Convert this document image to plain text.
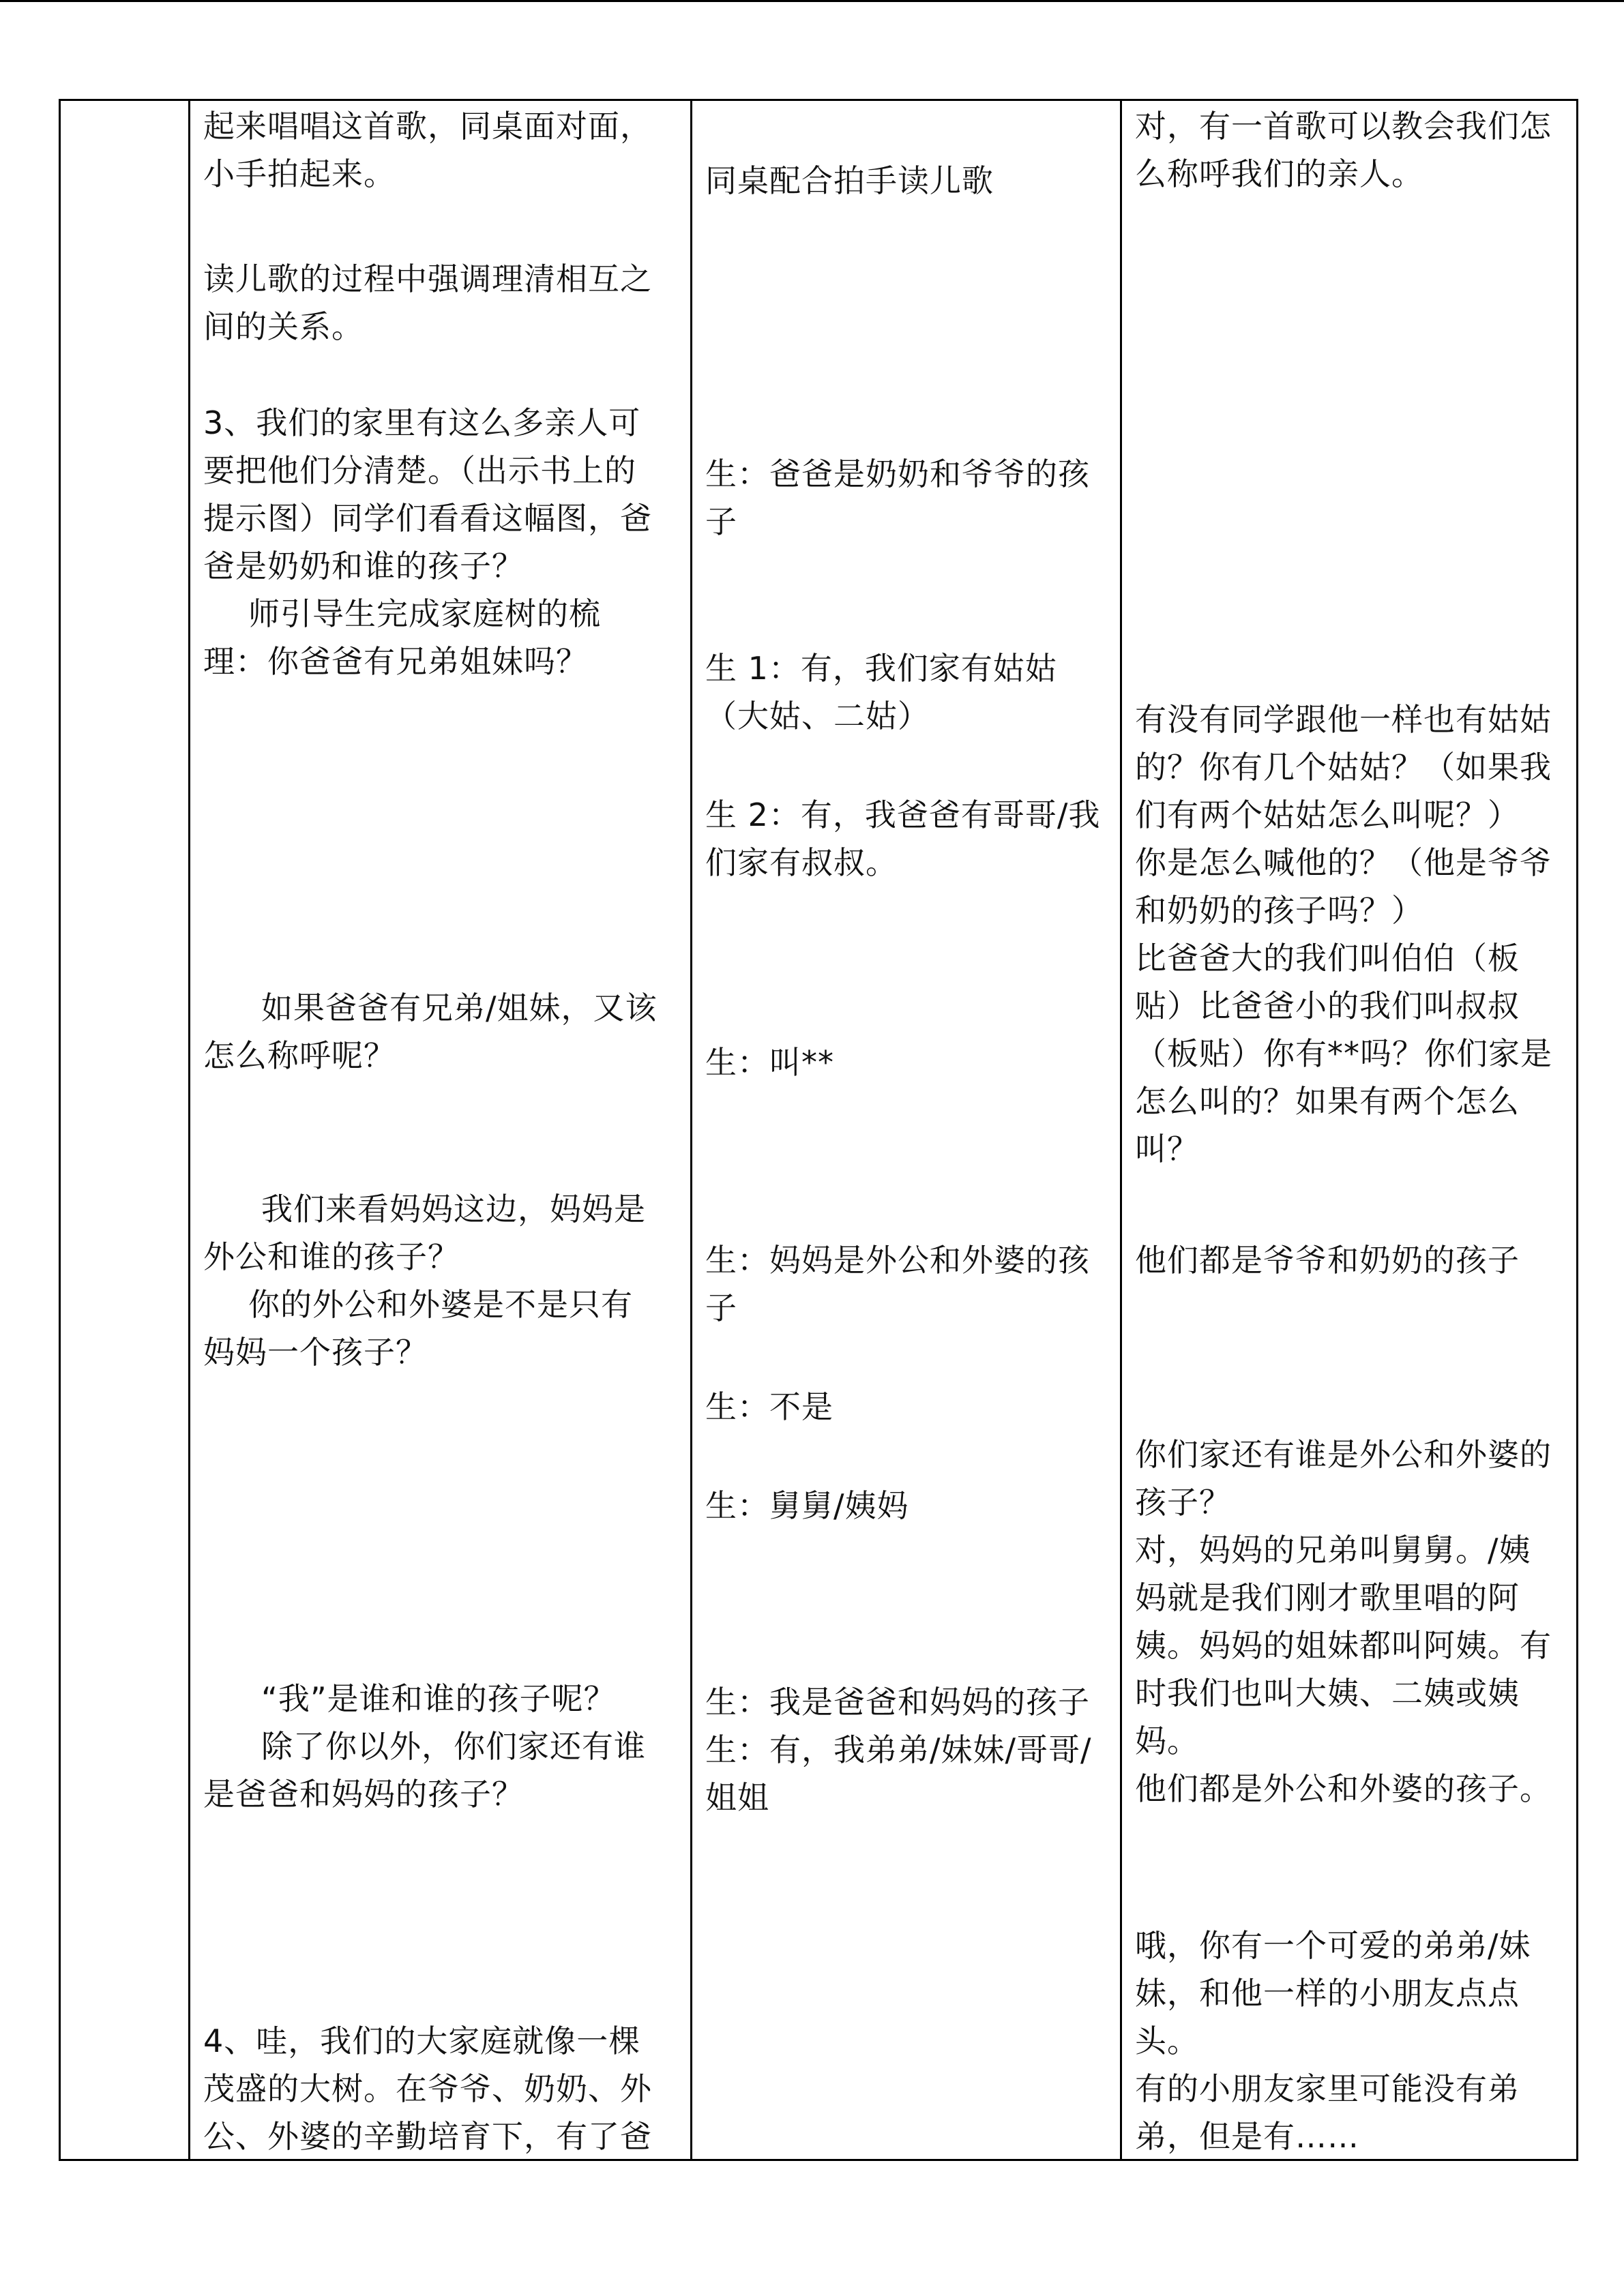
起来唱唱这首歌，同桌面对面，
小手拍起来。
读儿歌的过程中强调理清相互之
间的关系。
3、我们的家里有这么多亲人可
要把他们分清楚。（出示书上的
提示图）同学们看看这幅图，爸
爸是奶奶和谁的孩子？
师引导生完成家庭树的梳
理：你爸爸有兄弟姐妹吗？
如果爸爸有兄弟/姐妹，又该
怎么称呼呢？
我们来看妈妈这边，妈妈是
外公和谁的孩子？
你的外公和外婆是不是只有
妈妈一个孩子？
“我”是谁和谁的孩子呢？
除了你以外，你们家还有谁
是爸爸和妈妈的孩子？
4、哇，我们的大家庭就像一棵
茂盛的大树。在爷爷、奶奶、外
公、外婆的辛勤培育下，有了爸
同桌配合拍手读儿歌
生：爸爸是奶奶和爷爷的孩
子
生 1：有，我们家有姑姑
（大姑、二姑）
生 2：有，我爸爸有哥哥/我
们家有叔叔。
生：叫**
生：妈妈是外公和外婆的孩
子
生：不是
生：舅舅/姨妈
生：我是爸爸和妈妈的孩子
生：有，我弟弟/妹妹/哥哥/
姐姐
对，有一首歌可以教会我们怎
么称呼我们的亲人。
有没有同学跟他一样也有姑姑
的？你有几个姑姑？（如果我
们有两个姑姑怎么叫呢？）
你是怎么喊他的？（他是爷爷
和奶奶的孩子吗？）
比爸爸大的我们叫伯伯（板
贴）比爸爸小的我们叫叔叔
（板贴）你有**吗？你们家是
怎么叫的？如果有两个怎么
叫？
他们都是爷爷和奶奶的孩子
你们家还有谁是外公和外婆的
孩子？
对，妈妈的兄弟叫舅舅。/姨
妈就是我们刚才歌里唱的阿
姨。妈妈的姐妹都叫阿姨。有
时我们也叫大姨、二姨或姨
妈。
他们都是外公和外婆的孩子。
哦，你有一个可爱的弟弟/妹
妹，和他一样的小朋友点点
头。
有的小朋友家里可能没有弟
弟，但是有……
